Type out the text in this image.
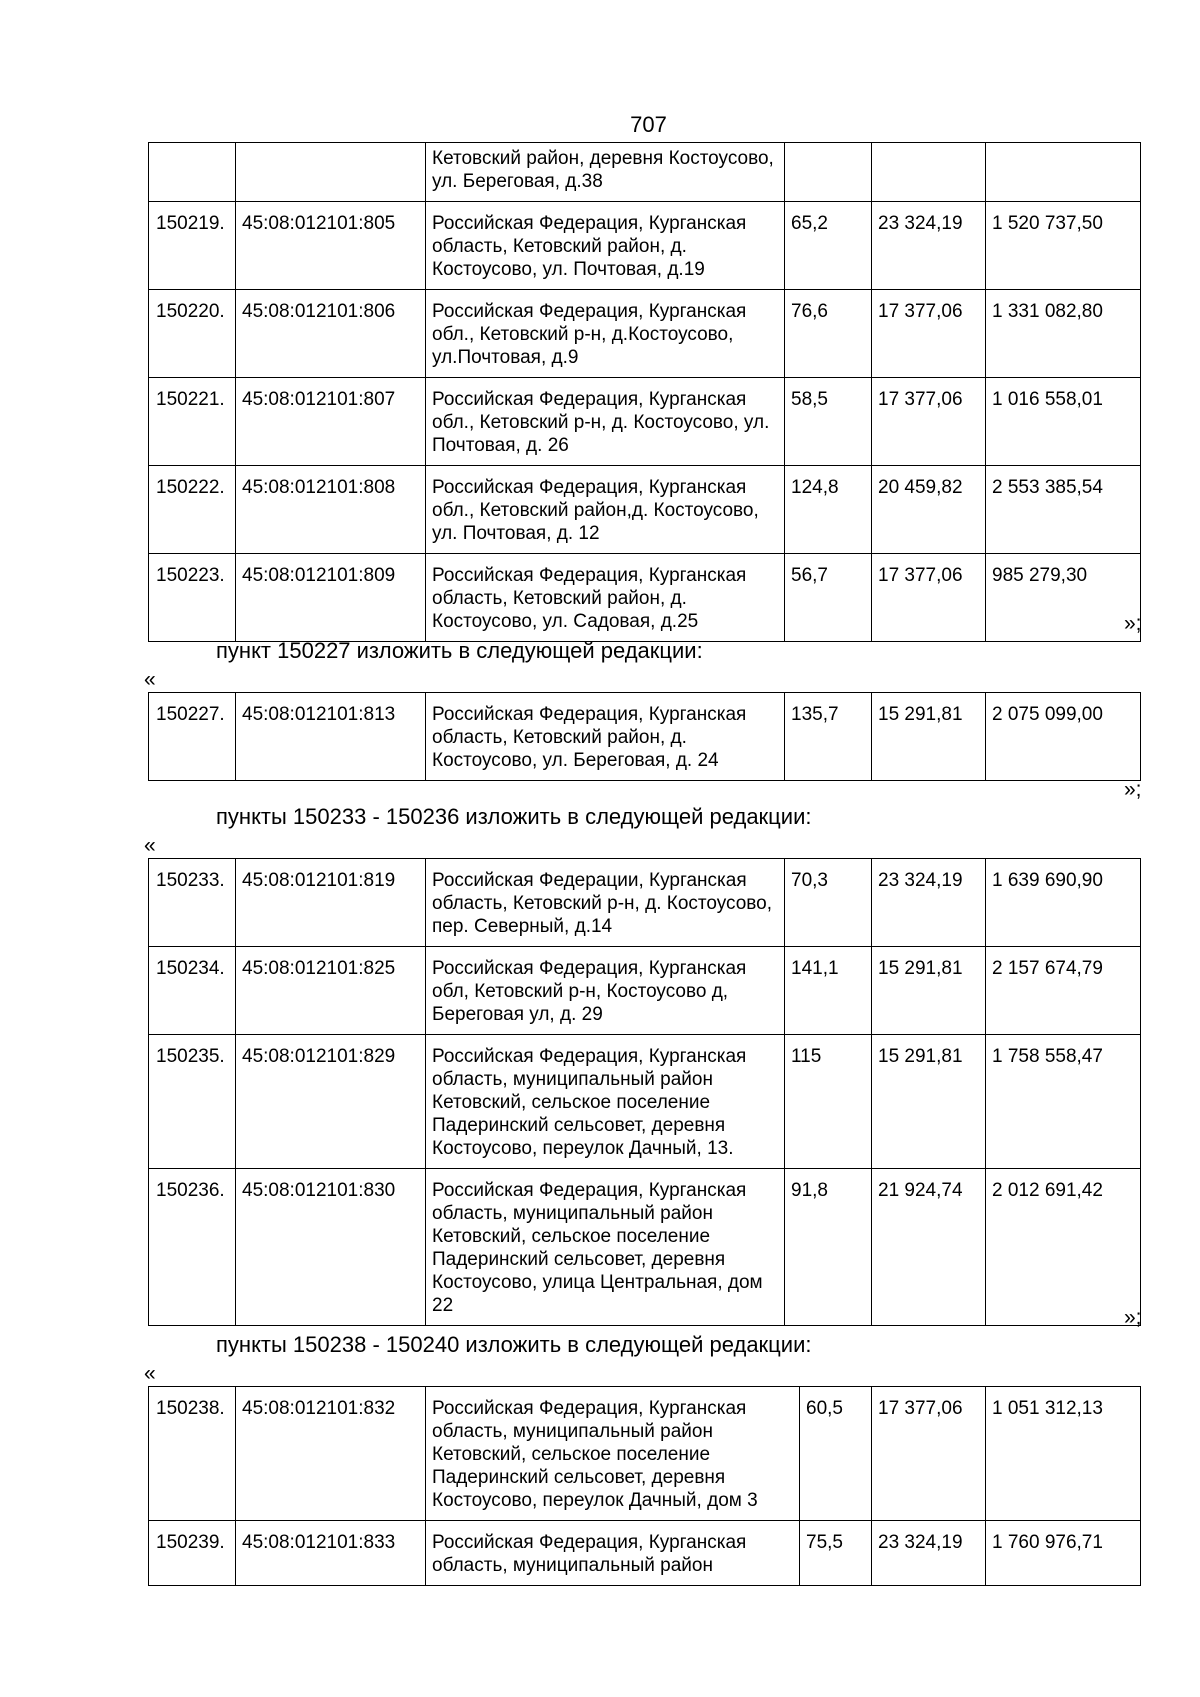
707
		Кетовский район, деревня Костоусово, ул. Береговая, д.38			
150219.	45:08:012101:805	Российская Федерация, Курганская область, Кетовский район, д. Костоусово, ул. Почтовая, д.19	65,2	23 324,19	1 520 737,50
150220.	45:08:012101:806	Российская Федерация, Курганская обл., Кетовский р-н, д.Костоусово, ул.Почтовая, д.9	76,6	17 377,06	1 331 082,80
150221.	45:08:012101:807	Российская Федерация, Курганская обл., Кетовский р-н, д. Костоусово, ул. Почтовая, д. 26	58,5	17 377,06	1 016 558,01
150222.	45:08:012101:808	Российская Федерация, Курганская обл., Кетовский район,д. Костоусово, ул. Почтовая, д. 12	124,8	20 459,82	2 553 385,54
150223.	45:08:012101:809	Российская Федерация, Курганская область, Кетовский район, д. Костоусово, ул. Садовая, д.25	56,7	17 377,06	985 279,30
»;
пункт 150227 изложить в следующей редакции:
«
150227.	45:08:012101:813	Российская Федерация, Курганская область, Кетовский район, д. Костоусово, ул. Береговая, д. 24	135,7	15 291,81	2 075 099,00
»;
пункты 150233 - 150236 изложить в следующей редакции:
«
150233.	45:08:012101:819	Российская Федерации, Курганская область, Кетовский р-н, д. Костоусово, пер. Северный, д.14	70,3	23 324,19	1 639 690,90
150234.	45:08:012101:825	Российская Федерация, Курганская обл, Кетовский р-н, Костоусово д, Береговая ул, д. 29	141,1	15 291,81	2 157 674,79
150235.	45:08:012101:829	Российская Федерация, Курганская область, муниципальный район Кетовский, сельское поселение Падеринский сельсовет, деревня Костоусово, переулок Дачный, 13.	115	15 291,81	1 758 558,47
150236.	45:08:012101:830	Российская Федерация, Курганская область, муниципальный район Кетовский, сельское поселение Падеринский сельсовет, деревня Костоусово, улица Центральная, дом 22	91,8	21 924,74	2 012 691,42
»;
пункты 150238 - 150240 изложить в следующей редакции:
«
150238.	45:08:012101:832	Российская Федерация, Курганская область, муниципальный район Кетовский, сельское поселение Падеринский сельсовет, деревня Костоусово, переулок Дачный, дом 3	60,5	17 377,06	1 051 312,13
150239.	45:08:012101:833	Российская Федерация, Курганская область, муниципальный район	75,5	23 324,19	1 760 976,71
